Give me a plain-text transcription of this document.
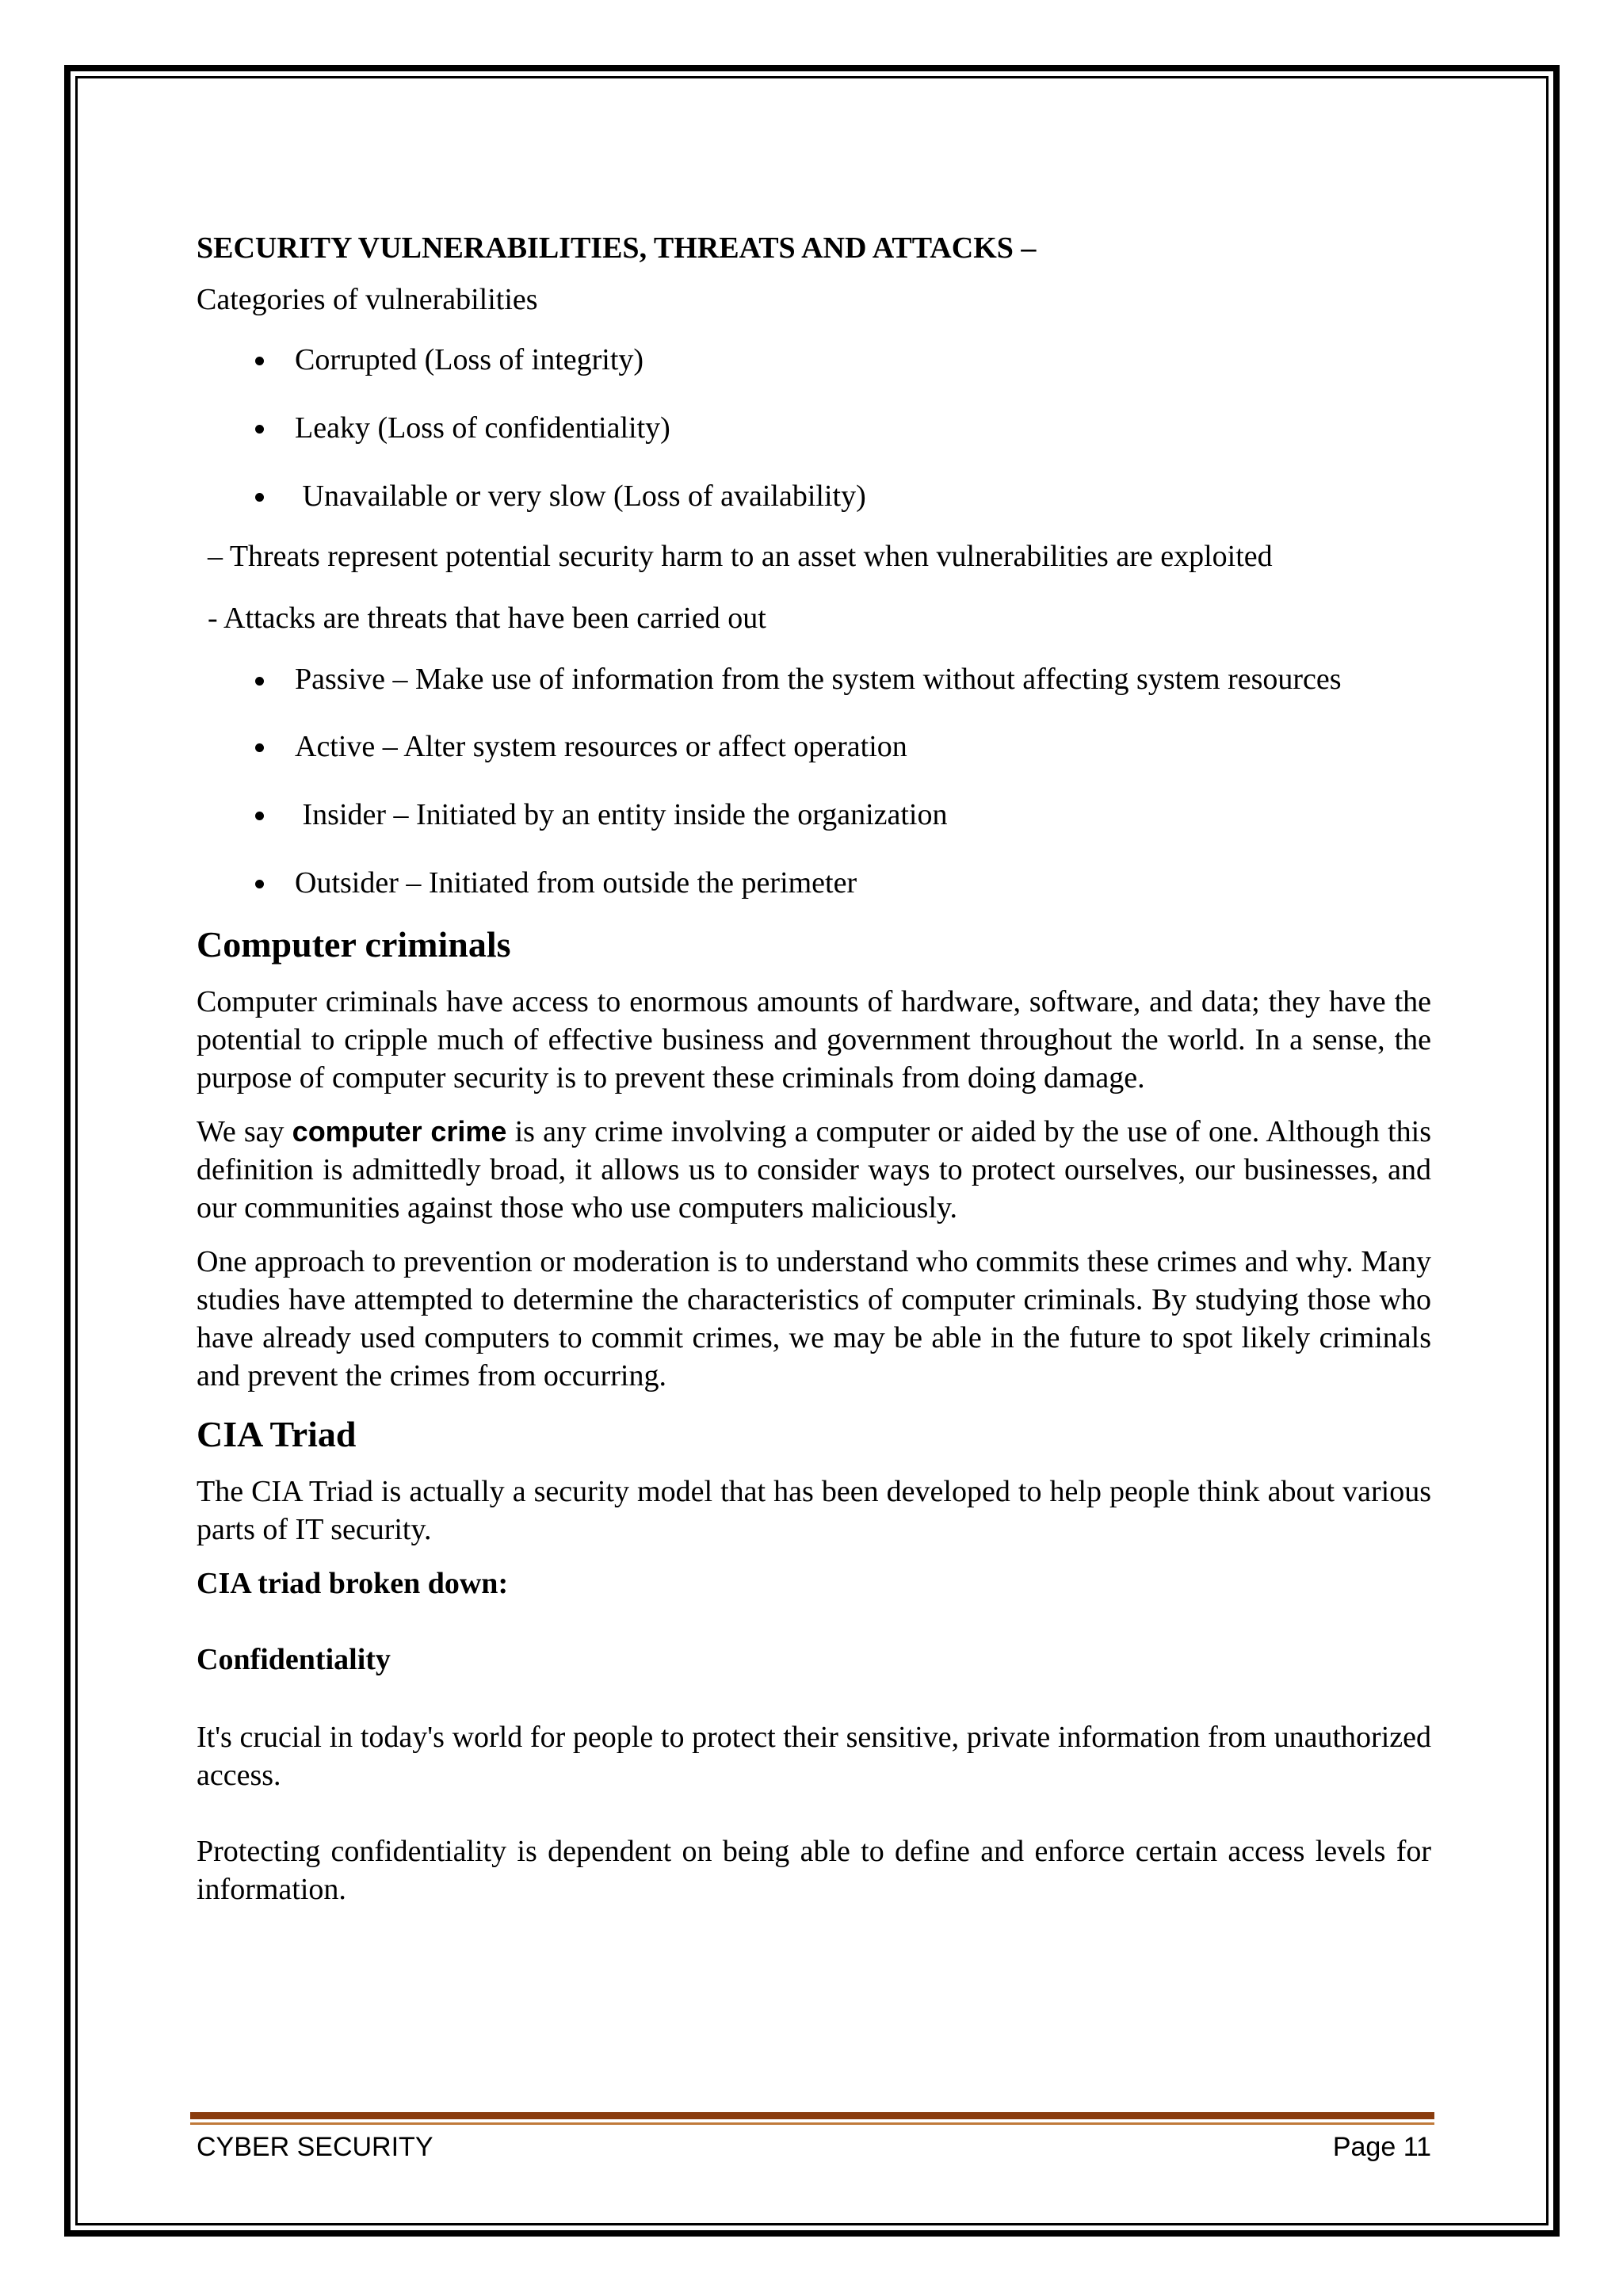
SECURITY VULNERABILITIES, THREATS AND ATTACKS –

Categories of vulnerabilities

Corrupted (Loss of integrity)
Leaky (Loss of confidentiality)
Unavailable or very slow (Loss of availability)

– Threats represent potential security harm to an asset when vulnerabilities are exploited

- Attacks are threats that have been carried out

Passive – Make use of information from the system without affecting system resources
Active – Alter system resources or affect operation
Insider – Initiated by an entity inside the organization
Outsider – Initiated from outside the perimeter
Computer criminals

Computer criminals have access to enormous amounts of hardware, software, and data; they have the potential to cripple much of effective business and government throughout the world. In a sense, the purpose of computer security is to prevent these criminals from doing damage.

We say computer crime is any crime involving a computer or aided by the use of one. Although this definition is admittedly broad, it allows us to consider ways to protect ourselves, our businesses, and our communities against those who use computers maliciously.

One approach to prevention or moderation is to understand who commits these crimes and why. Many studies have attempted to determine the characteristics of computer criminals. By studying those who have already used computers to commit crimes, we may be able in the future to spot likely criminals and prevent the crimes from occurring.

CIA Triad

The CIA Triad is actually a security model that has been developed to help people think about various parts of IT security.

CIA triad broken down:

Confidentiality

It's crucial in today's world for people to protect their sensitive, private information from unauthorized access.

Protecting confidentiality is dependent on being able to define and enforce certain access levels for information.

CYBER SECURITY	Page 11
